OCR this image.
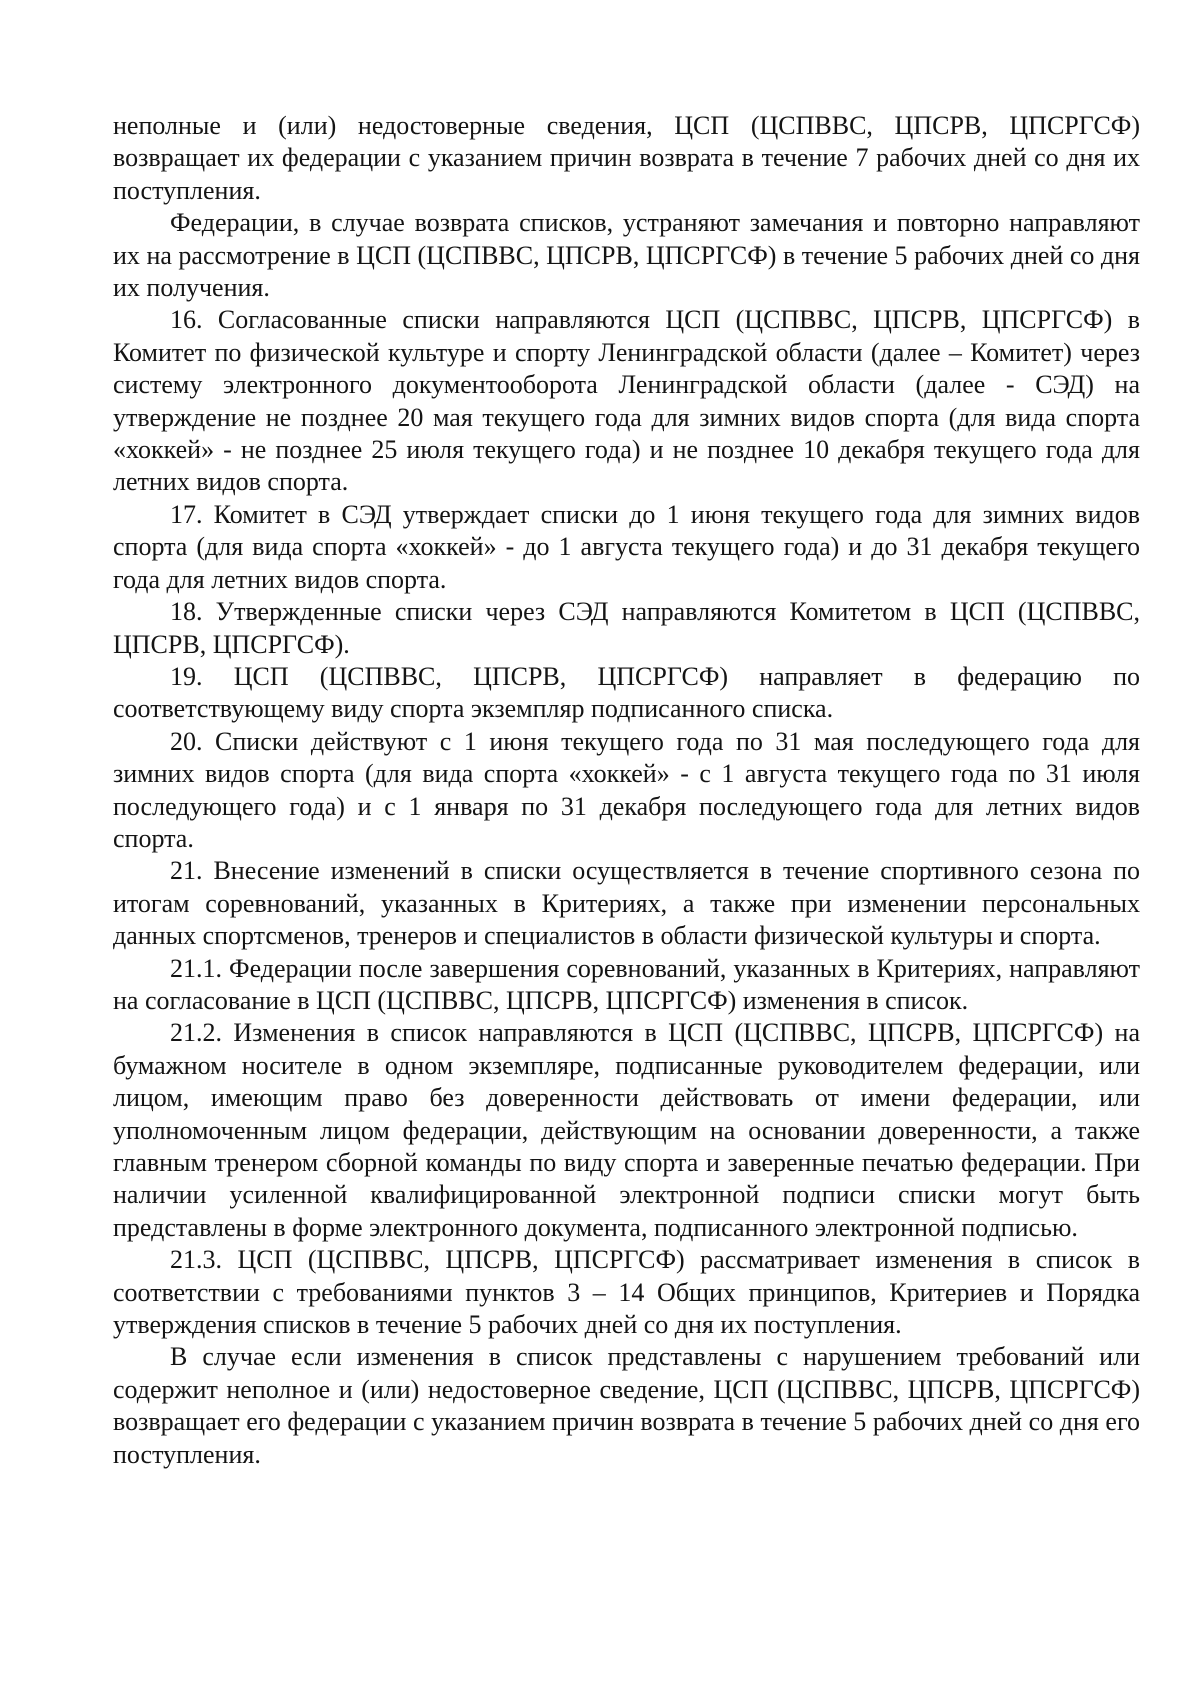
неполные и (или) недостоверные сведения, ЦСП (ЦСПВВС, ЦПСРВ, ЦПСРГСФ) возвращает их федерации с указанием причин возврата в течение 7 рабочих дней со дня их поступления.

Федерации, в случае возврата списков, устраняют замечания и повторно направляют их на рассмотрение в ЦСП (ЦСПВВС, ЦПСРВ, ЦПСРГСФ) в течение 5 рабочих дней со дня их получения.

16. Согласованные списки направляются ЦСП (ЦСПВВС, ЦПСРВ, ЦПСРГСФ) в Комитет по физической культуре и спорту Ленинградской области (далее – Комитет) через систему электронного документооборота Ленинградской области (далее - СЭД) на утверждение не позднее 20 мая текущего года для зимних видов спорта (для вида спорта «хоккей» - не позднее 25 июля текущего года) и не позднее 10 декабря текущего года для летних видов спорта.

17. Комитет в СЭД утверждает списки до 1 июня текущего года для зимних видов спорта (для вида спорта «хоккей» - до 1 августа текущего года) и до 31 декабря текущего года для летних видов спорта.

18. Утвержденные списки через СЭД направляются Комитетом в ЦСП (ЦСПВВС, ЦПСРВ, ЦПСРГСФ).

19. ЦСП (ЦСПВВС, ЦПСРВ, ЦПСРГСФ) направляет в федерацию по соответствующему виду спорта экземпляр подписанного списка.

20. Списки действуют с 1 июня текущего года по 31 мая последующего года для зимних видов спорта (для вида спорта «хоккей» - с 1 августа текущего года по 31 июля последующего года) и с 1 января по 31 декабря последующего года для летних видов спорта.

21. Внесение изменений в списки осуществляется в течение спортивного сезона по итогам соревнований, указанных в Критериях, а также при изменении персональных данных спортсменов, тренеров и специалистов в области физической культуры и спорта.

21.1. Федерации после завершения соревнований, указанных в Критериях, направляют на согласование в ЦСП (ЦСПВВС, ЦПСРВ, ЦПСРГСФ) изменения в список.

21.2. Изменения в список направляются в ЦСП (ЦСПВВС, ЦПСРВ, ЦПСРГСФ) на бумажном носителе в одном экземпляре, подписанные руководителем федерации, или лицом, имеющим право без доверенности действовать от имени федерации, или уполномоченным лицом федерации, действующим на основании доверенности, а также главным тренером сборной команды по виду спорта и заверенные печатью федерации. При наличии усиленной квалифицированной электронной подписи списки могут быть представлены в форме электронного документа, подписанного электронной подписью.

21.3. ЦСП (ЦСПВВС, ЦПСРВ, ЦПСРГСФ) рассматривает изменения в список в соответствии с требованиями пунктов 3 – 14 Общих принципов, Критериев и Порядка утверждения списков в течение 5 рабочих дней со дня их поступления.

В случае если изменения в список представлены с нарушением требований или содержит неполное и (или) недостоверное сведение, ЦСП (ЦСПВВС, ЦПСРВ, ЦПСРГСФ) возвращает его федерации с указанием причин возврата в течение 5 рабочих дней со дня его поступления.
